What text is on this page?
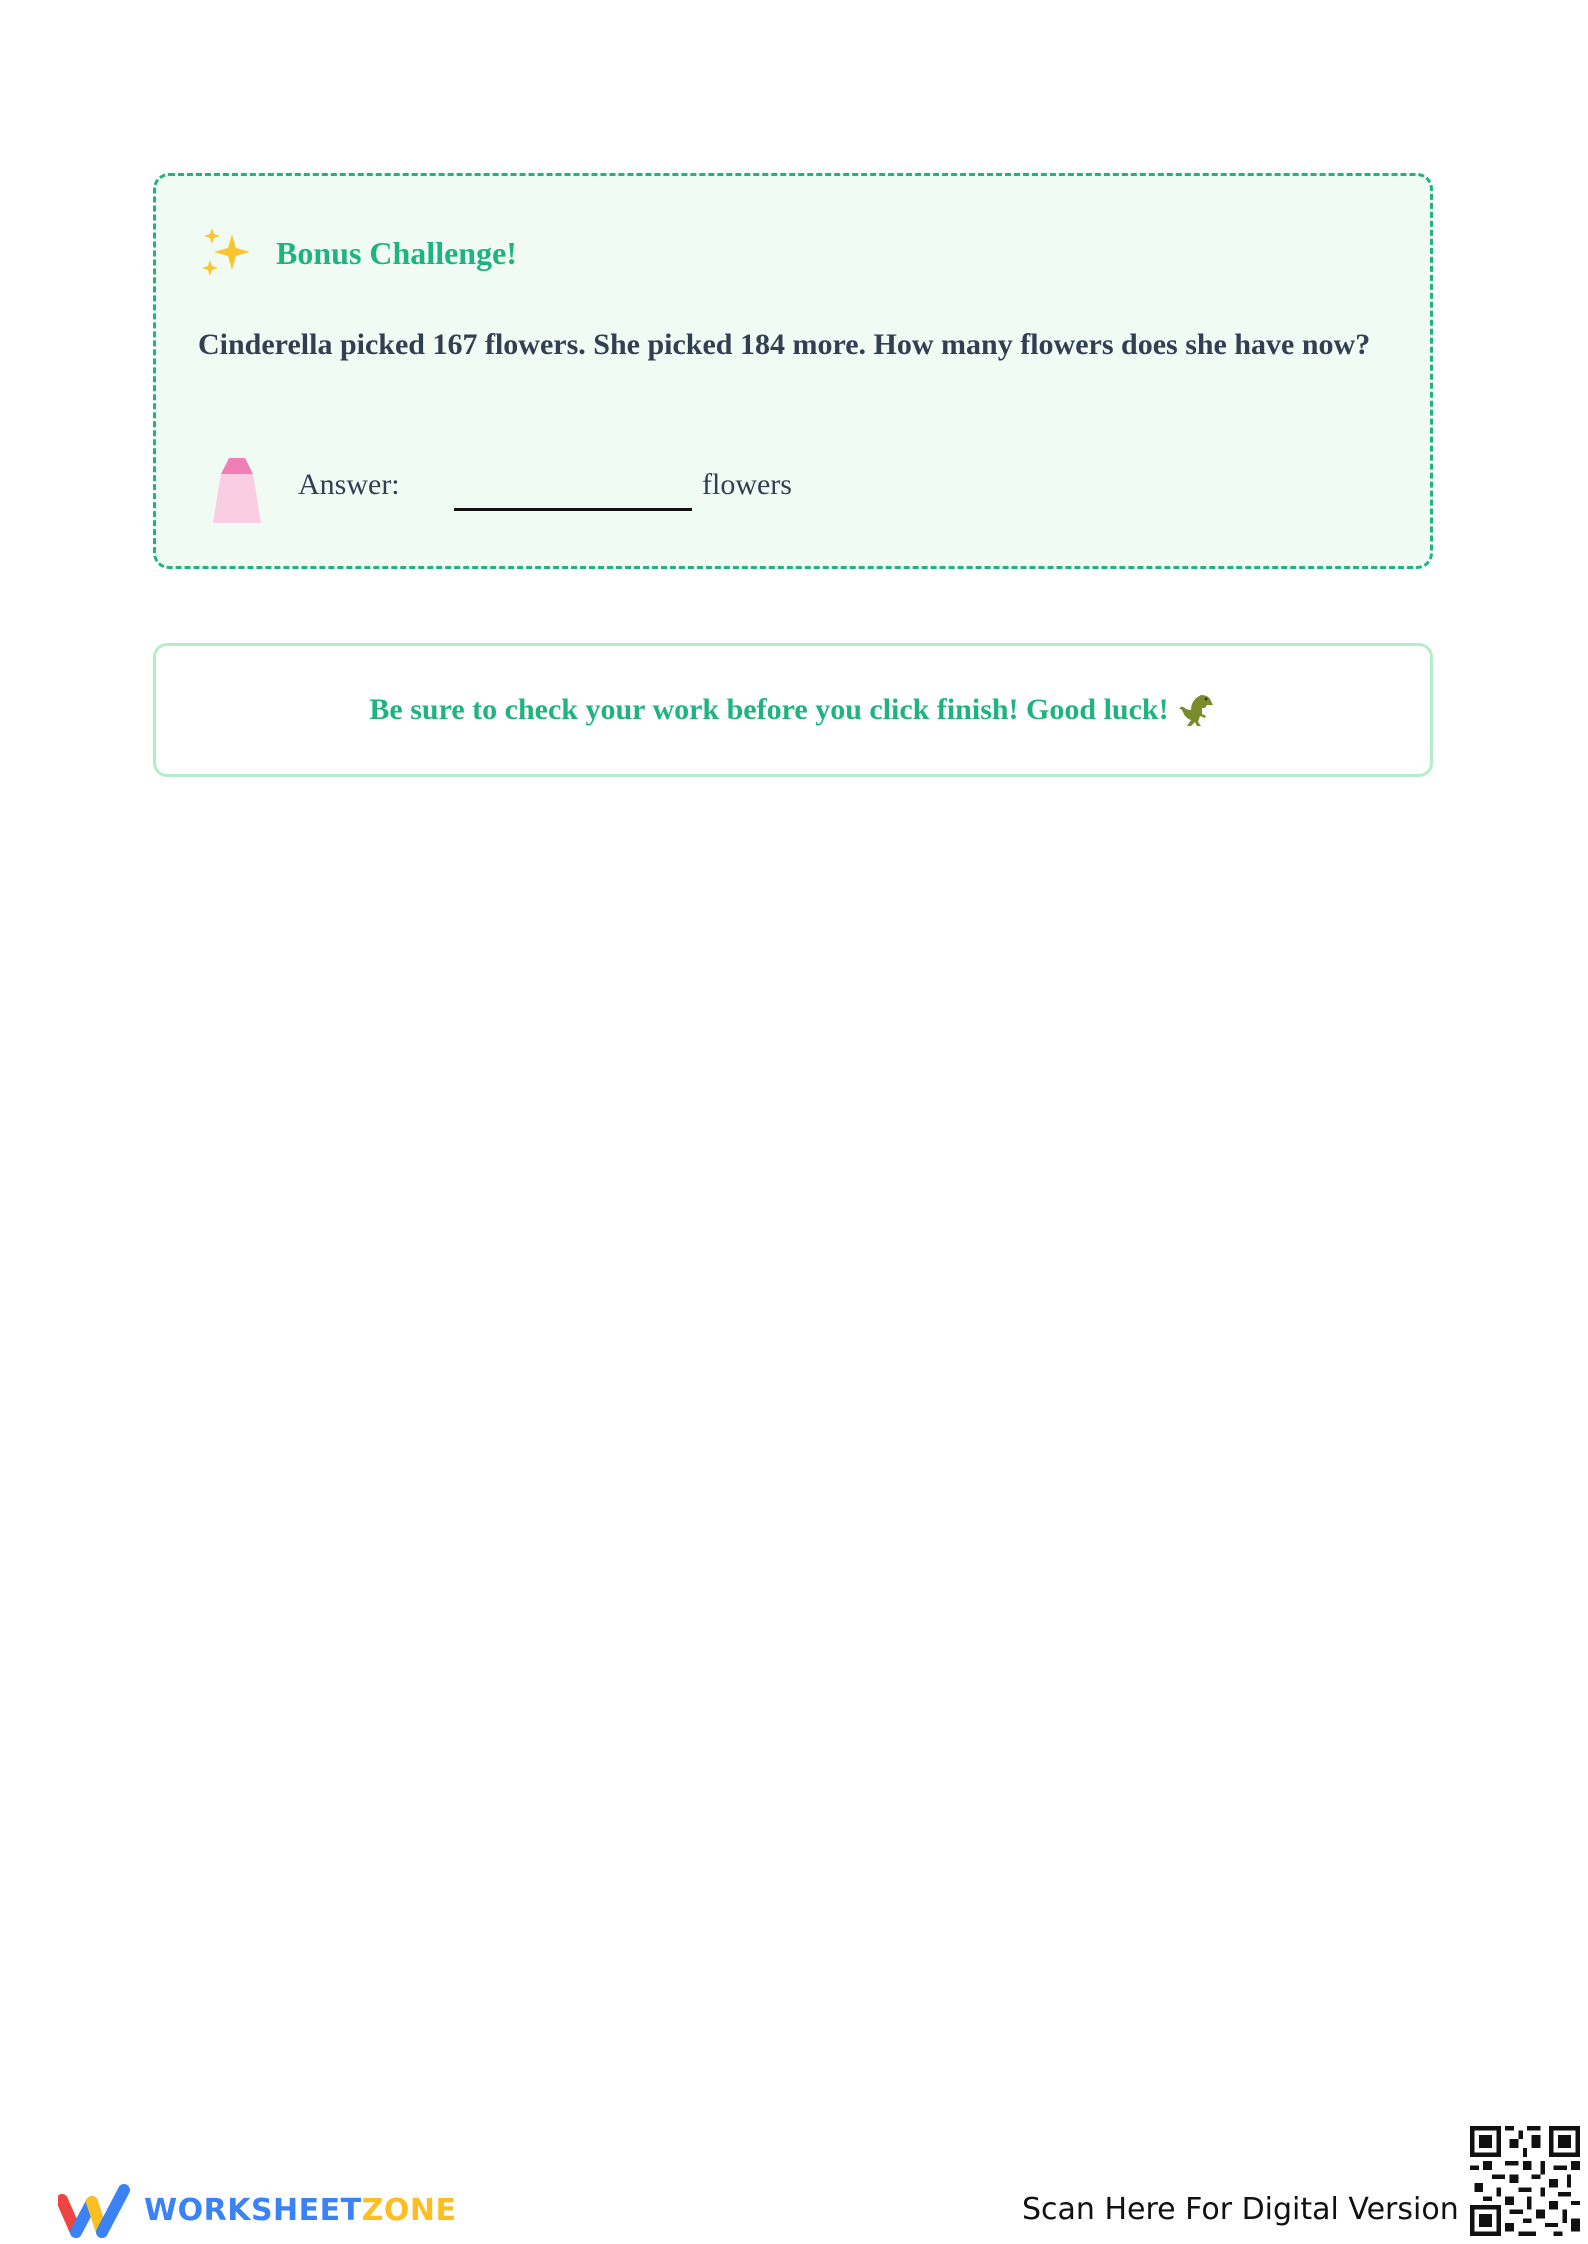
Bonus Challenge!
Cinderella picked 167 flowers. She picked 184 more. How many flowers does she have now?
Answer:	flowers
Be sure to check your work before you click finish! Good luck!
WORKSHEETZONE	Scan Here For Digital Version
